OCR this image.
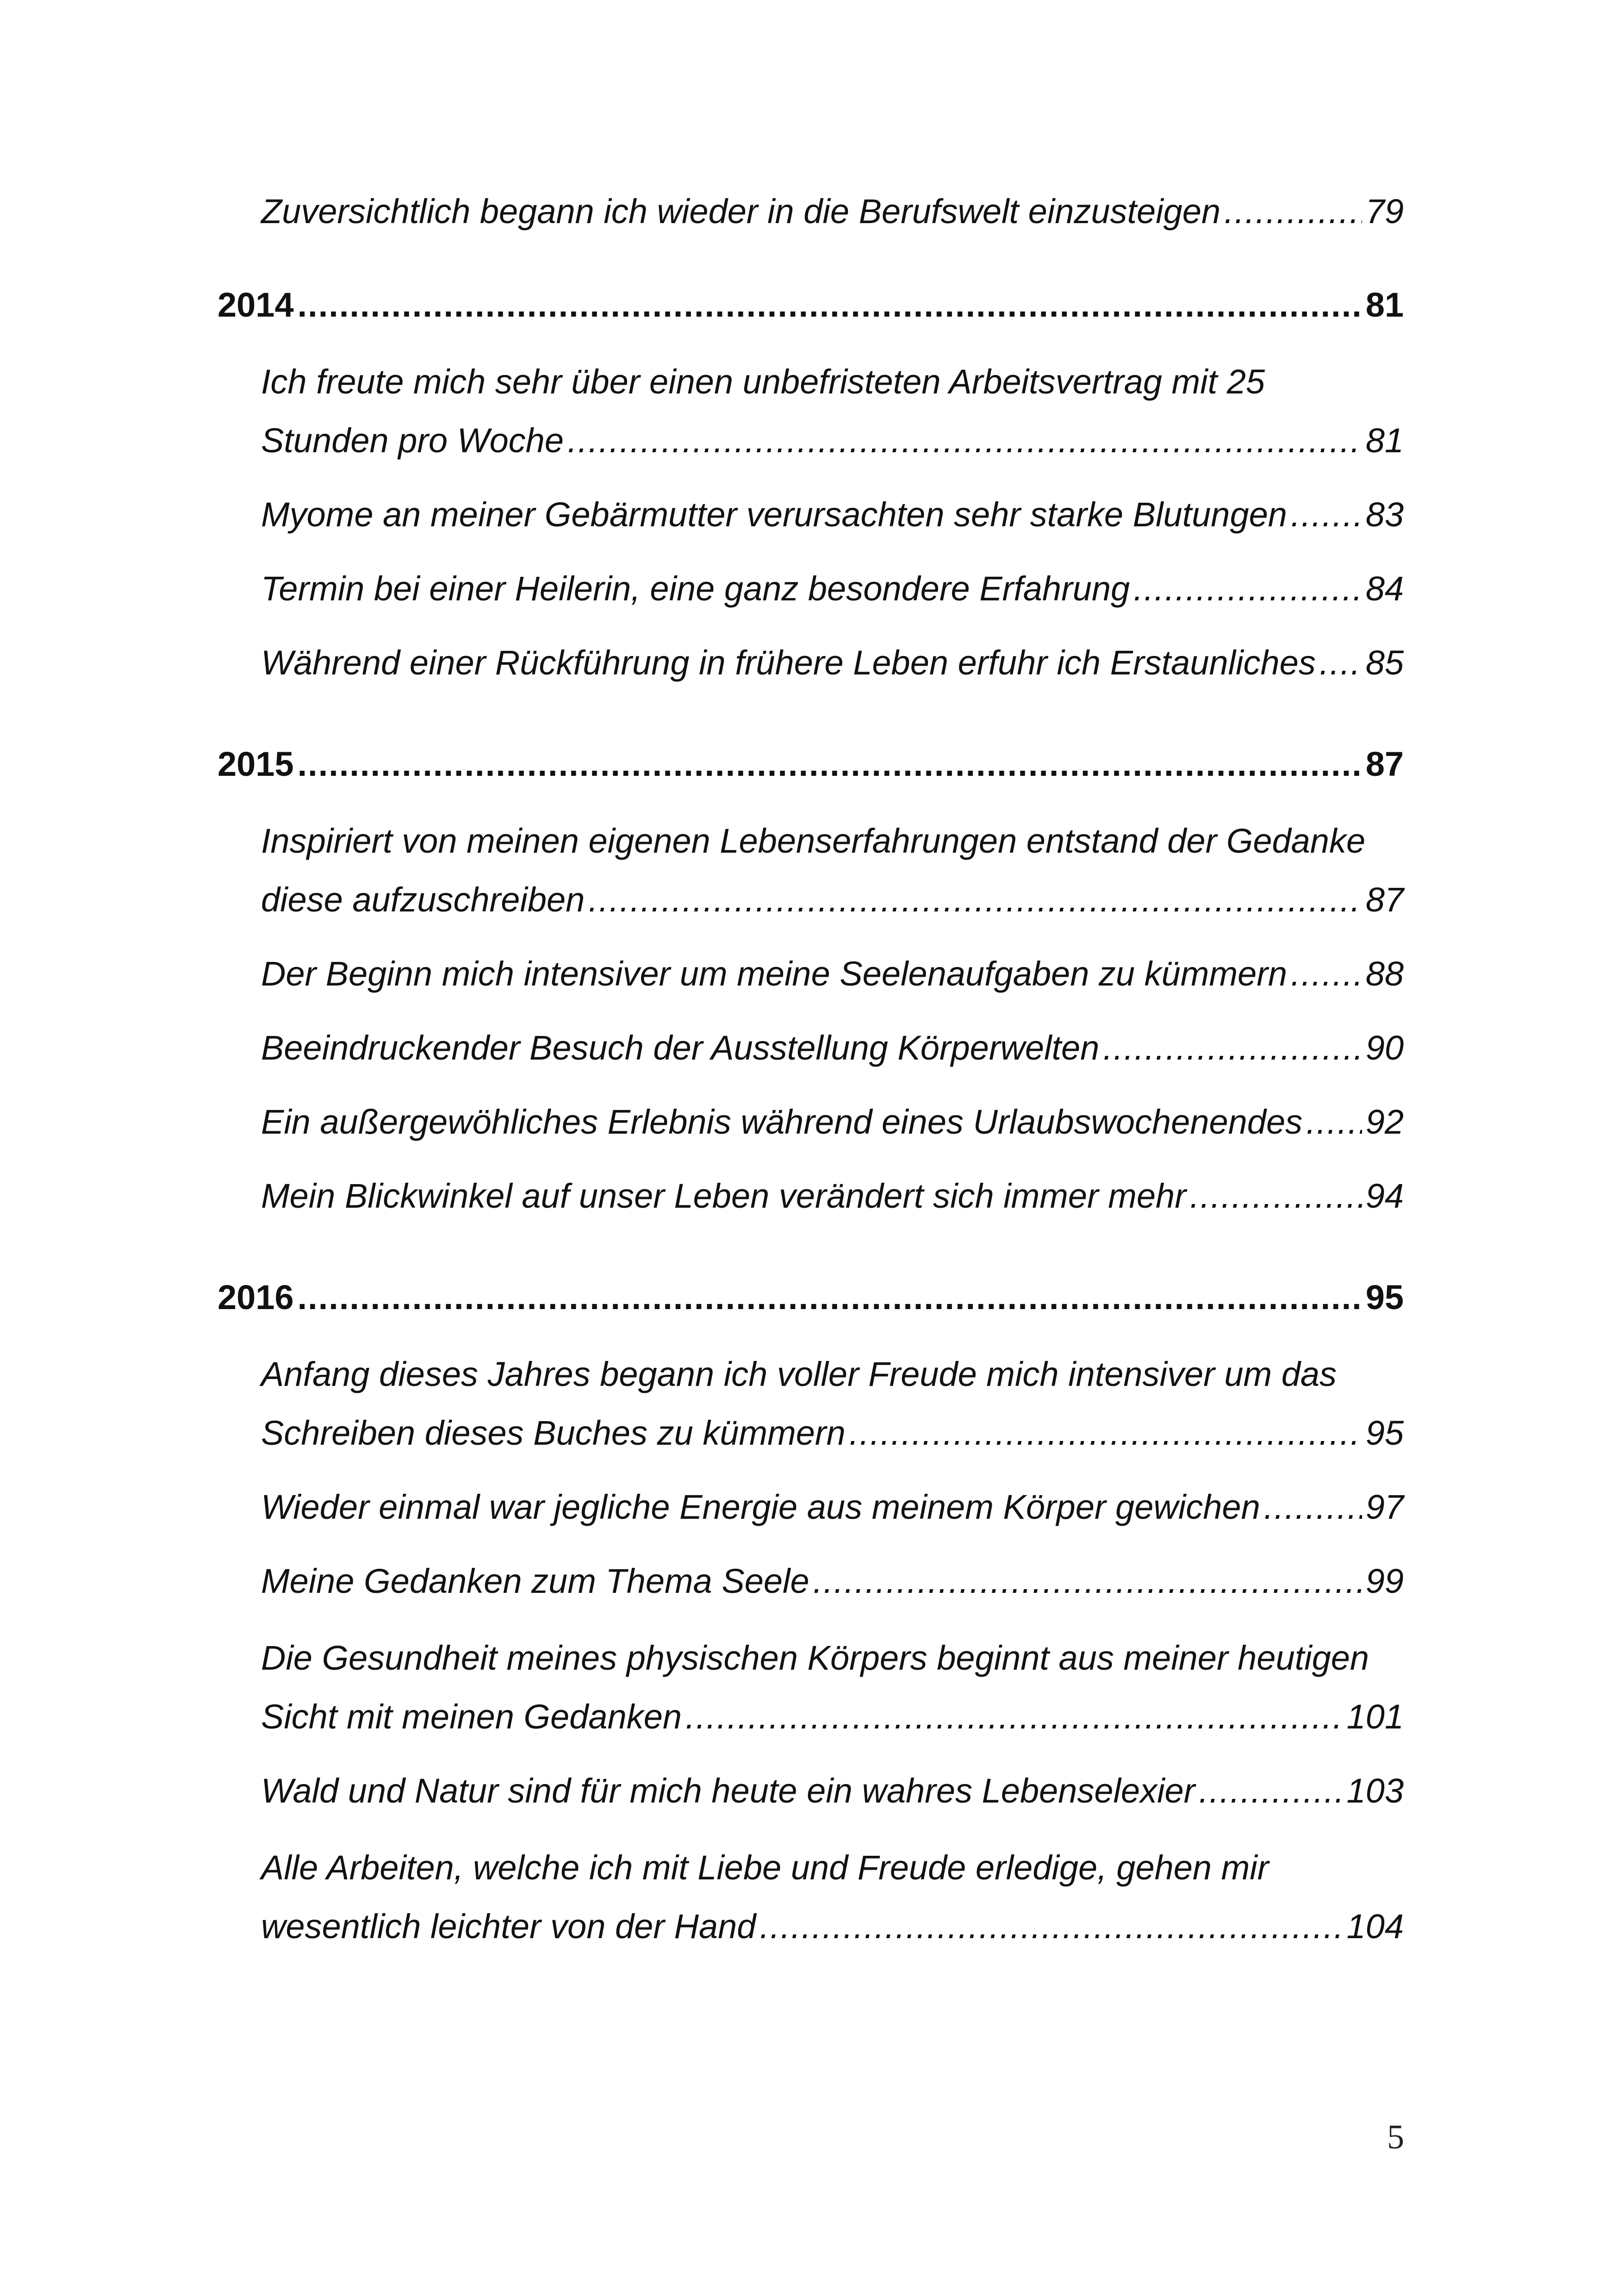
Zuversichtlich begann ich wieder in die Berufswelt einzusteigen .....	79
2014 .....	81
Ich freute mich sehr über einen unbefristeten Arbeitsvertrag mit 25
Stunden pro Woche .....	81
Myome an meiner Gebärmutter verursachten sehr starke Blutungen ..... 83
Termin bei einer Heilerin, eine ganz besondere Erfahrung .....	84
Während einer Rückführung in frühere Leben erfuhr ich Erstaunliches ..... 85
2015 .....	87
Inspiriert von meinen eigenen Lebenserfahrungen entstand der Gedanke
diese aufzuschreiben .....	87
Der Beginn mich intensiver um meine Seelenaufgaben zu kümmern ..... 88
Beeindruckender Besuch der Ausstellung Körperwelten .....	90
Ein außergewöhliches Erlebnis während eines Urlaubswochenendes ..... 92
Mein Blickwinkel auf unser Leben verändert sich immer mehr .....	94
2016 .....	95
Anfang dieses Jahres begann ich voller Freude mich intensiver um das
Schreiben dieses Buches zu kümmern .....	95
Wieder einmal war jegliche Energie aus meinem Körper gewichen .....	97
Meine Gedanken zum Thema Seele .....	99
Die Gesundheit meines physischen Körpers beginnt aus meiner heutigen
Sicht mit meinen Gedanken .....	101
Wald und Natur sind für mich heute ein wahres Lebenselexier .....	103
Alle Arbeiten, welche ich mit Liebe und Freude erledige, gehen mir
wesentlich leichter von der Hand .....	104
5
